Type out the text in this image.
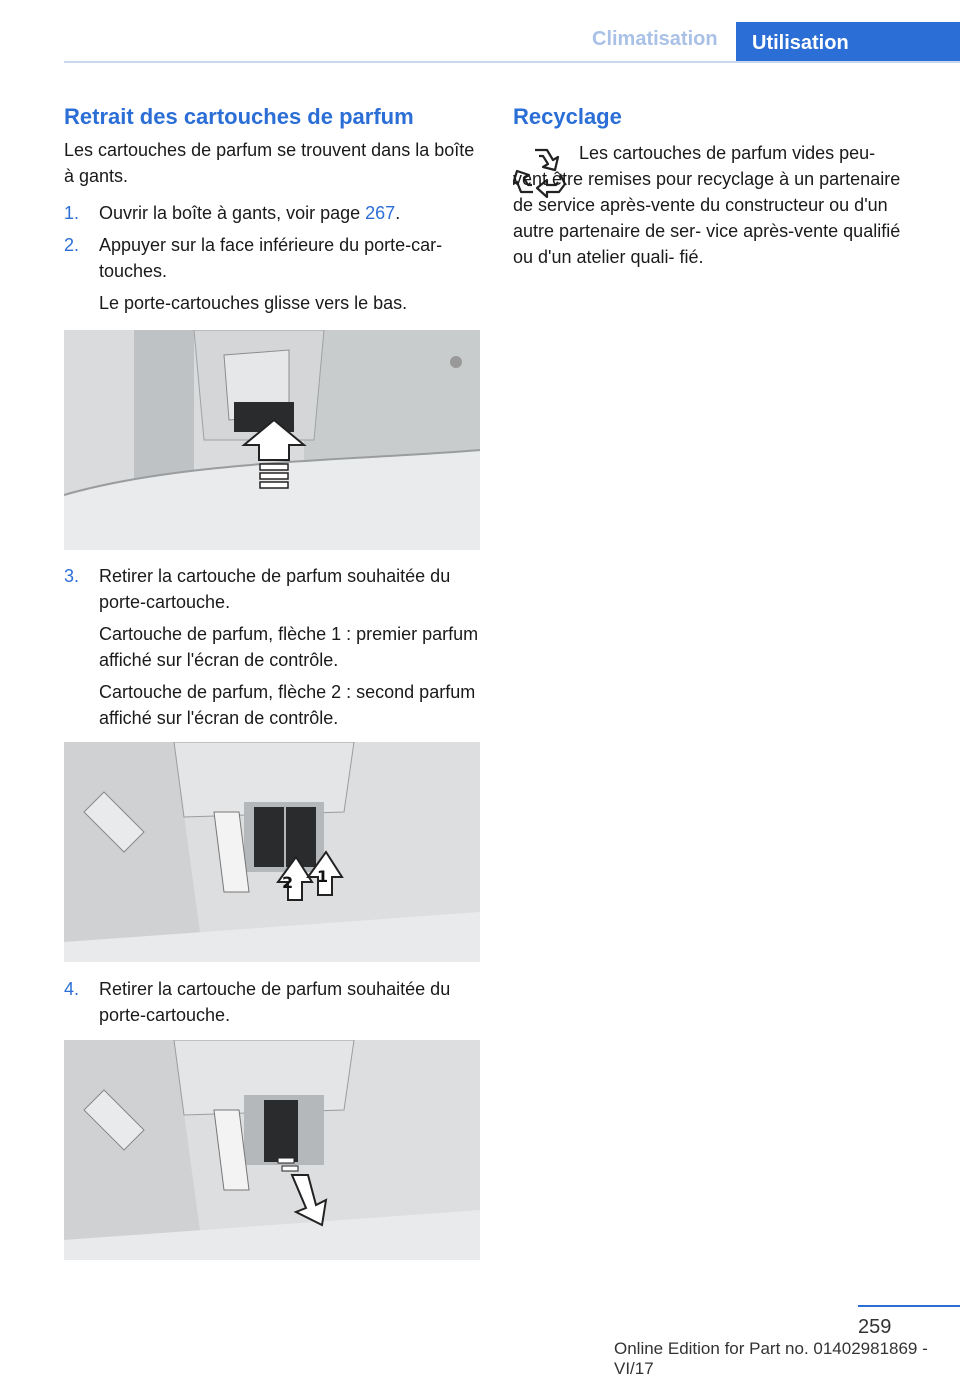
Climatisation	Utilisation
Retrait des cartouches de parfum

Les cartouches de parfum se trouvent dans la boîte à gants.

1. Ouvrir la boîte à gants, voir page 267.
2. Appuyer sur la face inférieure du porte-car‐ touches.

Le porte-cartouches glisse vers le bas.

3. Retirer la cartouche de parfum souhaitée du porte-cartouche.

Cartouche de parfum, flèche 1 : premier parfum affiché sur l'écran de contrôle.

Cartouche de parfum, flèche 2 : second parfum affiché sur l'écran de contrôle.

2 1
4. Retirer la cartouche de parfum souhaitée du porte-cartouche.

Recyclage

Les cartouches de parfum vides peu‐ vent être remises pour recyclage à un partenaire de service après-vente du constructeur ou d'un autre partenaire de ser‐ vice après-vente qualifié ou d'un atelier quali‐ fié.

259
Online Edition for Part no. 01402981869 - VI/17
